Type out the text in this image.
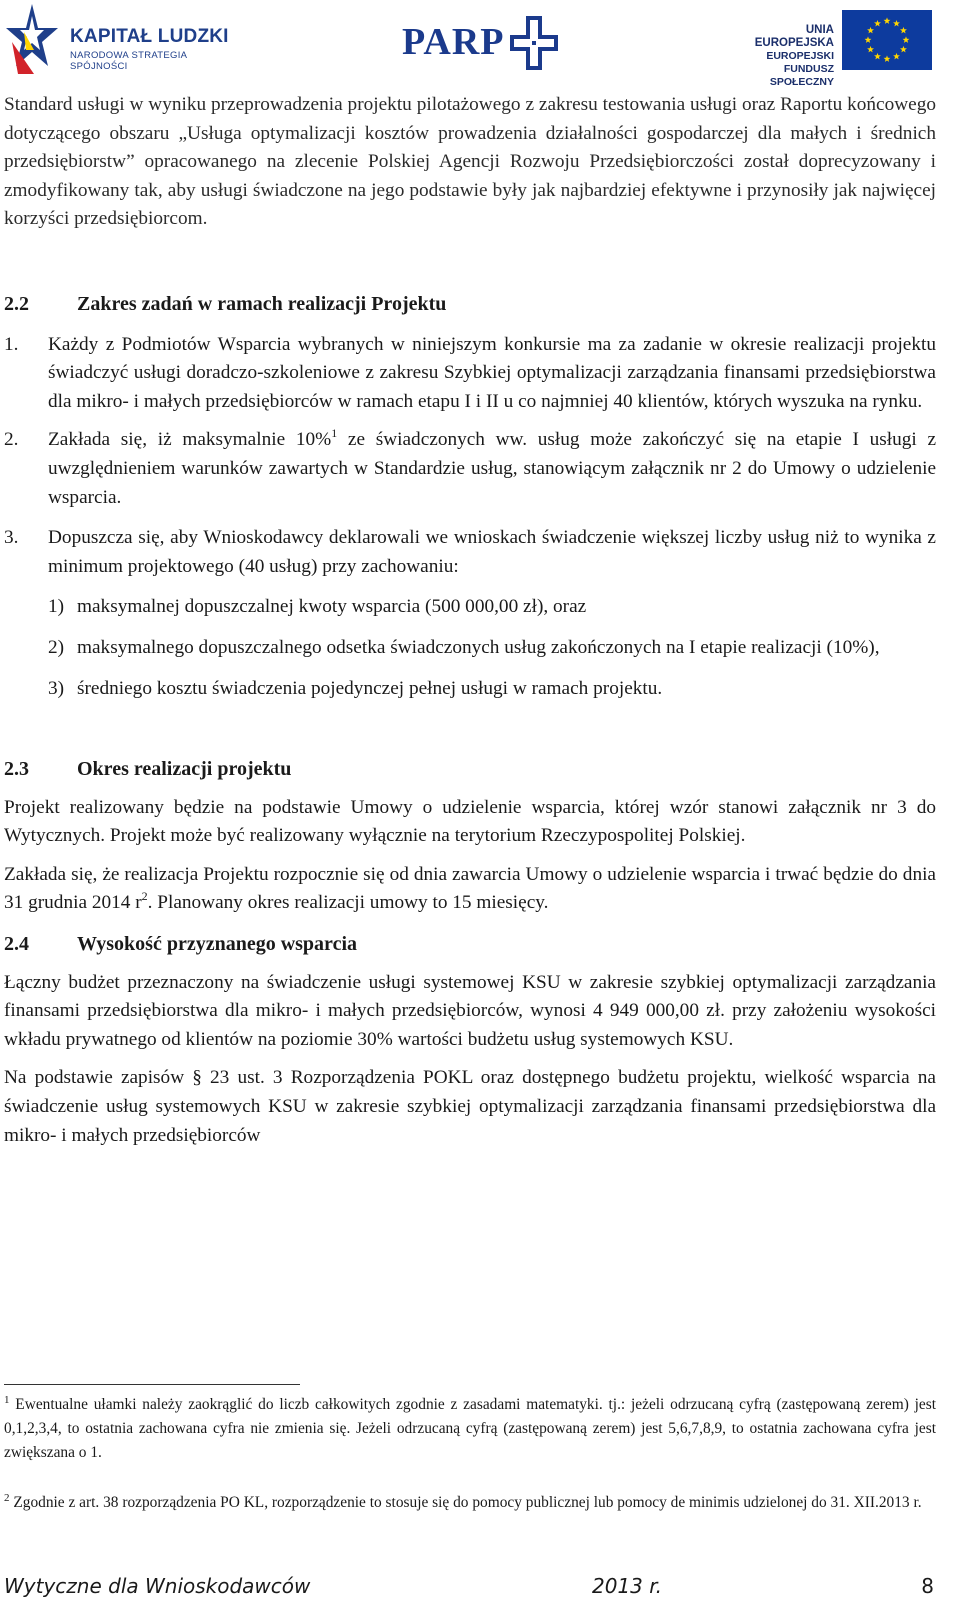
KAPITAŁ LUDZKI
NARODOWA STRATEGIA SPÓJNOŚCI
PARP	UNIA EUROPEJSKA
EUROPEJSKI
FUNDUSZ SPOŁECZNY

Standard usługi w wyniku przeprowadzenia projektu pilotażowego z zakresu testowania usługi oraz Raportu końcowego dotyczącego obszaru „Usługa optymalizacji kosztów prowadzenia działalności gospodarczej dla małych i średnich przedsiębiorstw” opracowanego na zlecenie Polskiej Agencji Rozwoju Przedsiębiorczości został doprecyzowany i zmodyfikowany tak, aby usługi świadczone na jego podstawie były jak najbardziej efektywne i przynosiły jak najwięcej korzyści przedsiębiorcom.

2.2	Zakres zadań w ramach realizacji Projektu
1.	Każdy z Podmiotów Wsparcia wybranych w niniejszym konkursie ma za zadanie w okresie realizacji projektu świadczyć usługi doradczo-szkoleniowe z zakresu Szybkiej optymalizacji zarządzania finansami przedsiębiorstwa dla mikro- i małych przedsiębiorców w ramach etapu I i II u co najmniej 40 klientów, których wyszuka na rynku.
2.	Zakłada się, iż maksymalnie 10%$^1$ ze świadczonych ww. usług może zakończyć się na etapie I usługi z uwzględnieniem warunków zawartych w Standardzie usług, stanowiącym załącznik nr 2 do Umowy o udzielenie wsparcia.
3.	Dopuszcza się, aby Wnioskodawcy deklarowali we wnioskach świadczenie większej liczby usług niż to wynika z minimum projektowego (40 usług) przy zachowaniu:
1) maksymalnej dopuszczalnej kwoty wsparcia (500 000,00 zł), oraz
2) maksymalnego dopuszczalnego odsetka świadczonych usług zakończonych na I etapie realizacji (10%),
3) średniego kosztu świadczenia pojedynczej pełnej usługi w ramach projektu.
2.3	Okres realizacji projektu

Projekt realizowany będzie na podstawie Umowy o udzielenie wsparcia, której wzór stanowi załącznik nr 3 do Wytycznych. Projekt może być realizowany wyłącznie na terytorium Rzeczypospolitej Polskiej.

Zakłada się, że realizacja Projektu rozpocznie się od dnia zawarcia Umowy o udzielenie wsparcia i trwać będzie do dnia 31 grudnia 2014 $r^2$. Planowany okres realizacji umowy to 15 miesięcy.

2.4	Wysokość przyznanego wsparcia

Łączny budżet przeznaczony na świadczenie usługi systemowej KSU w zakresie szybkiej optymalizacji zarządzania finansami przedsiębiorstwa dla mikro- i małych przedsiębiorców, wynosi 4 949 000,00 zł. przy założeniu wysokości wkładu prywatnego od klientów na poziomie 30% wartości budżetu usług systemowych KSU.

Na podstawie zapisów § 23 ust. 3 Rozporządzenia POKL oraz dostępnego budżetu projektu, wielkość wsparcia na świadczenie usług systemowych KSU w zakresie szybkiej optymalizacji zarządzania finansami przedsiębiorstwa dla mikro- i małych przedsiębiorców

$^1$ Ewentualne ułamki należy zaokrąglić do liczb całkowitych zgodnie z zasadami matematyki. tj.: jeżeli odrzucaną cyfrą (zastępowaną zerem) jest 0,1,2,3,4, to ostatnia zachowana cyfra nie zmienia się. Jeżeli odrzucaną cyfrą (zastępowaną zerem) jest 5,6,7,8,9, to ostatnia zachowana cyfra jest zwiększana o 1.
$^2$ Zgodnie z art. 38 rozporządzenia PO KL, rozporządzenie to stosuje się do pomocy publicznej lub pomocy de minimis udzielonej do 31. XII.2013 r.
Wytyczne dla Wnioskodawców	2013 r.	8
